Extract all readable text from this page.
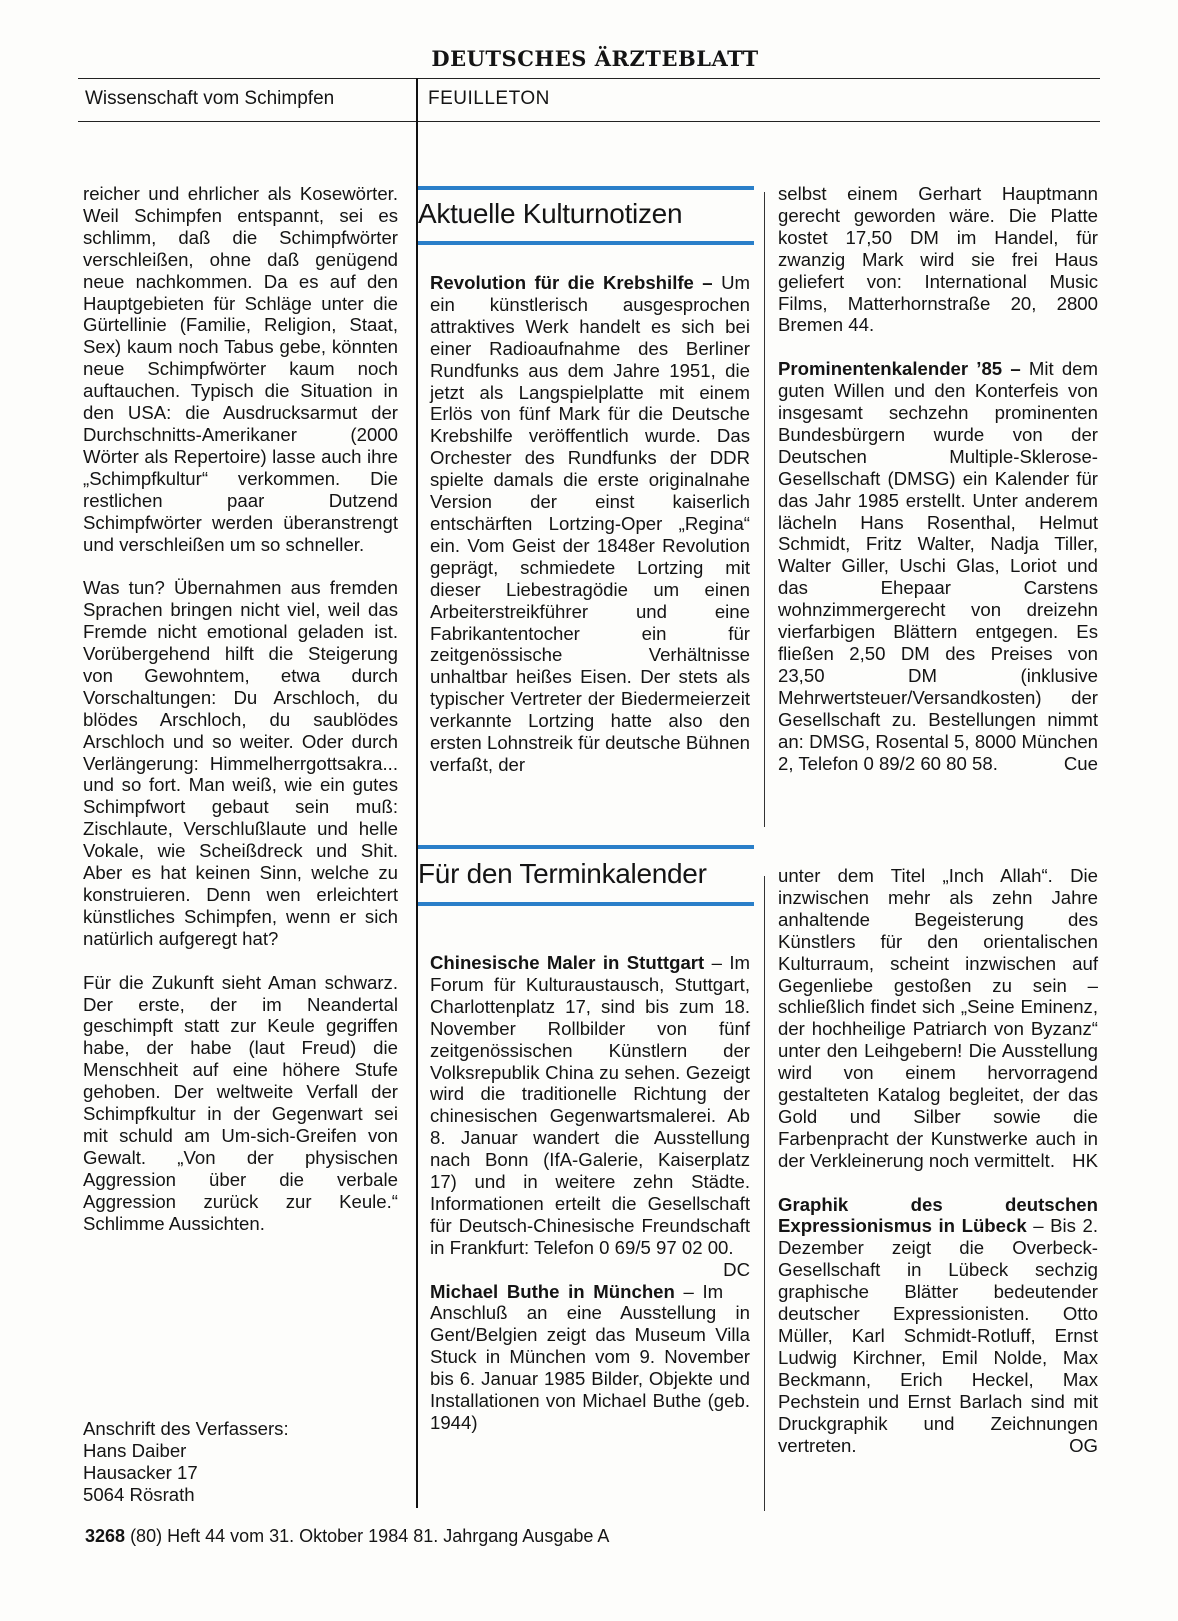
DEUTSCHES ÄRZTEBLATT
Wissenschaft vom Schimpfen	FEUILLETON

reicher und ehrlicher als Kosewörter. Weil Schimpfen entspannt, sei es schlimm, daß die Schimpfwörter verschleißen, ohne daß genügend neue nachkommen. Da es auf den Hauptgebieten für Schläge unter die Gürtellinie (Familie, Religion, Staat, Sex) kaum noch Tabus gebe, könnten neue Schimpfwörter kaum noch auftauchen. Typisch die Situation in den USA: die Ausdrucksarmut der Durchschnitts-Amerikaner (2000 Wörter als Repertoire) lasse auch ihre „Schimpfkultur“ verkommen. Die restlichen paar Dutzend Schimpfwörter werden überanstrengt und verschleißen um so schneller.

Was tun? Übernahmen aus fremden Sprachen bringen nicht viel, weil das Fremde nicht emotional geladen ist. Vorübergehend hilft die Steigerung von Gewohntem, etwa durch Vorschaltungen: Du Arschloch, du blödes Arschloch, du saublödes Arschloch und so weiter. Oder durch Verlängerung: Himmelherrgottsakra... und so fort. Man weiß, wie ein gutes Schimpfwort gebaut sein muß: Zischlaute, Verschlußlaute und helle Vokale, wie Scheißdreck und Shit. Aber es hat keinen Sinn, welche zu konstruieren. Denn wen erleichtert künstliches Schimpfen, wenn er sich natürlich aufgeregt hat?

Für die Zukunft sieht Aman schwarz. Der erste, der im Neandertal geschimpft statt zur Keule gegriffen habe, der habe (laut Freud) die Menschheit auf eine höhere Stufe gehoben. Der weltweite Verfall der Schimpfkultur in der Gegenwart sei mit schuld am Um-sich-Greifen von Gewalt. „Von der physischen Aggression über die verbale Aggression zurück zur Keule.“ Schlimme Aussichten.

Anschrift des Verfassers:
Hans Daiber
Hausacker 17
5064 Rösrath
Aktuelle Kulturnotizen

Revolution für die Krebshilfe – Um ein künstlerisch ausgesprochen attraktives Werk handelt es sich bei einer Radioaufnahme des Berliner Rundfunks aus dem Jahre 1951, die jetzt als Langspielplatte mit einem Erlös von fünf Mark für die Deutsche Krebshilfe veröffentlich wurde. Das Orchester des Rundfunks der DDR spielte damals die erste originalnahe Version der einst kaiserlich entschärften Lortzing-Oper „Regina“ ein. Vom Geist der 1848er Revolution geprägt, schmiedete Lortzing mit dieser Liebestragödie um einen Arbeiterstreikführer und eine Fabrikantentocher ein für zeitgenössische Verhältnisse unhaltbar heißes Eisen. Der stets als typischer Vertreter der Biedermeierzeit verkannte Lortzing hatte also den ersten Lohnstreik für deutsche Bühnen verfaßt, der

selbst einem Gerhart Hauptmann gerecht geworden wäre. Die Platte kostet 17,50 DM im Handel, für zwanzig Mark wird sie frei Haus geliefert von: International Music Films, Matterhornstraße 20, 2800 Bremen 44.

Prominentenkalender ’85 – Mit dem guten Willen und den Konterfeis von insgesamt sechzehn prominenten Bundesbürgern wurde von der Deutschen Multiple-Sklerose-Gesellschaft (DMSG) ein Kalender für das Jahr 1985 erstellt. Unter anderem lächeln Hans Rosenthal, Helmut Schmidt, Fritz Walter, Nadja Tiller, Walter Giller, Uschi Glas, Loriot und das Ehepaar Carstens wohnzimmergerecht von dreizehn vierfarbigen Blättern entgegen. Es fließen 2,50 DM des Preises von 23,50 DM (inklusive Mehrwertsteuer/Versandkosten) der Gesellschaft zu. Bestellungen nimmt an: DMSG, Rosental 5, 8000 München 2, Telefon 0 89/2 60 80 58.	Cue

Für den Terminkalender

Chinesische Maler in Stuttgart – Im Forum für Kulturaustausch, Stuttgart, Charlottenplatz 17, sind bis zum 18. November Rollbilder von fünf zeitgenössischen Künstlern der Volksrepublik China zu sehen. Gezeigt wird die traditionelle Richtung der chinesischen Gegenwartsmalerei. Ab 8. Januar wandert die Ausstellung nach Bonn (IfA-Galerie, Kaiserplatz 17) und in weitere zehn Städte. Informationen erteilt die Gesellschaft für Deutsch-Chinesische Freundschaft in Frankfurt: Telefon 0 69/5 97 02 00.
DC

Michael Buthe in München – Im Anschluß an eine Ausstellung in Gent/Belgien zeigt das Museum Villa Stuck in München vom 9. November bis 6. Januar 1985 Bilder, Objekte und Installationen von Michael Buthe (geb. 1944)

unter dem Titel „Inch Allah“. Die inzwischen mehr als zehn Jahre anhaltende Begeisterung des Künstlers für den orientalischen Kulturraum, scheint inzwischen auf Gegenliebe gestoßen zu sein – schließlich findet sich „Seine Eminenz, der hochheilige Patriarch von Byzanz“ unter den Leihgebern! Die Ausstellung wird von einem hervorragend gestalteten Katalog begleitet, der das Gold und Silber sowie die Farbenpracht der Kunstwerke auch in der Verkleinerung noch vermittelt. HK

Graphik des deutschen Expressionismus in Lübeck – Bis 2. Dezember zeigt die Overbeck-Gesellschaft in Lübeck sechzig graphische Blätter bedeutender deutscher Expressionisten. Otto Müller, Karl Schmidt-Rotluff, Ernst Ludwig Kirchner, Emil Nolde, Max Beckmann, Erich Heckel, Max Pechstein und Ernst Barlach sind mit Druckgraphik und Zeichnungen vertreten.	OG

3268 (80) Heft 44 vom 31. Oktober 1984 81. Jahrgang Ausgabe A
